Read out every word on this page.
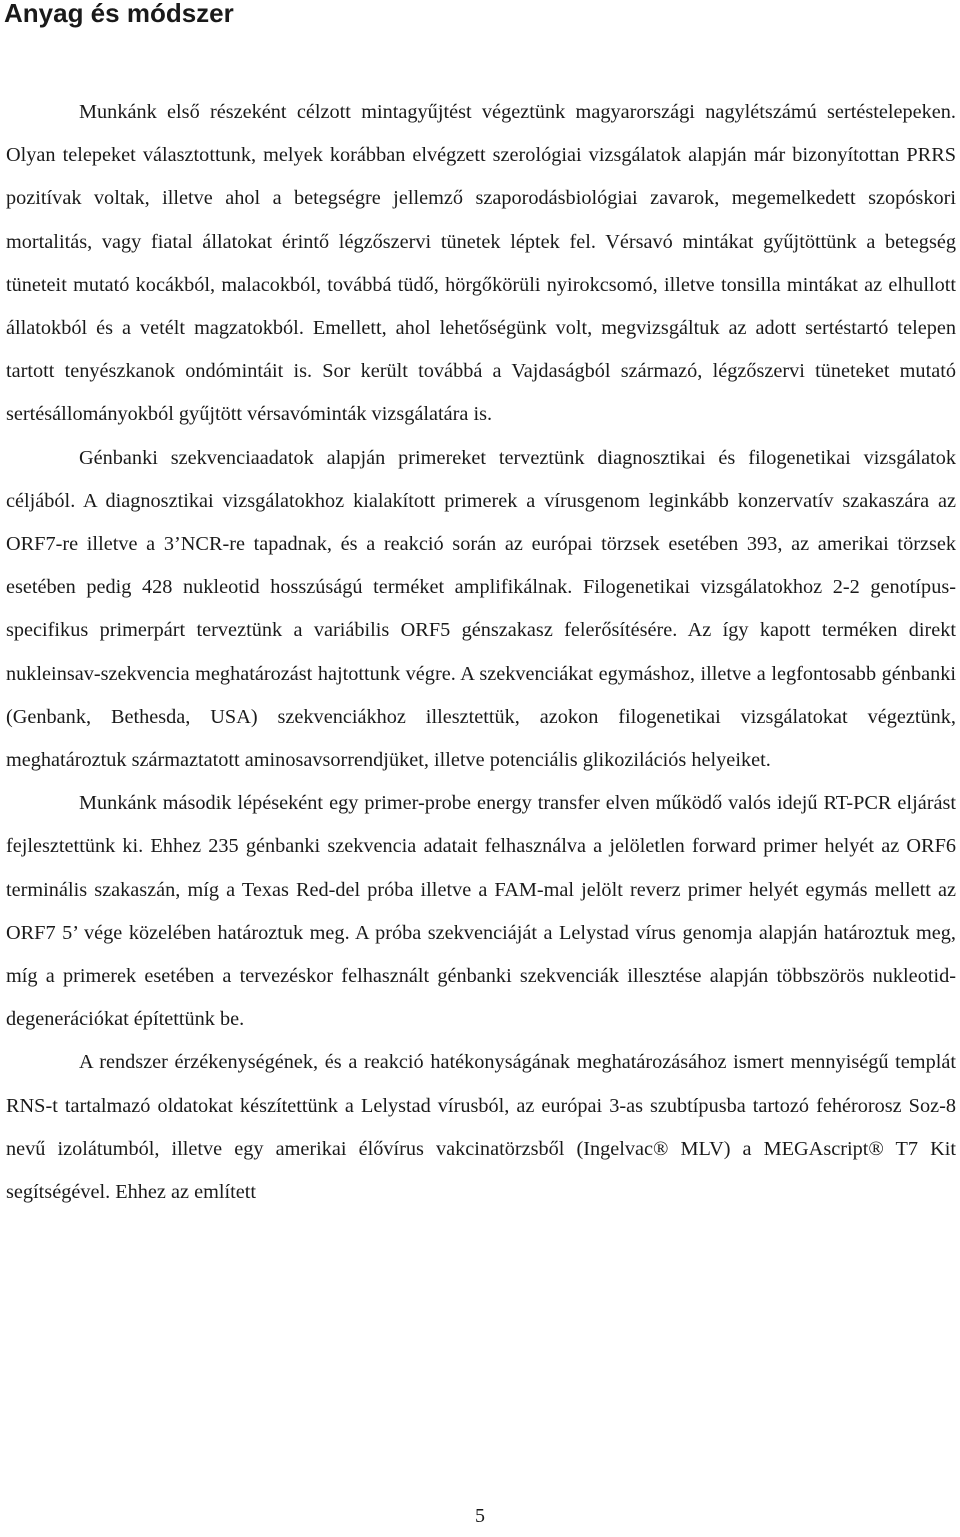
Anyag és módszer

Munkánk első részeként célzott mintagyűjtést végeztünk magyarországi nagylétszámú sertéstelepeken. Olyan telepeket választottunk, melyek korábban elvégzett szerológiai vizsgálatok alapján már bizonyítottan PRRS pozitívak voltak, illetve ahol a betegségre jellemző szaporodásbiológiai zavarok, megemelkedett szopóskori mortalitás, vagy fiatal állatokat érintő légzőszervi tünetek léptek fel. Vérsavó mintákat gyűjtöttünk a betegség tüneteit mutató kocákból, malacokból, továbbá tüdő, hörgőkörüli nyirokcsomó, illetve tonsilla mintákat az elhullott állatokból és a vetélt magzatokból. Emellett, ahol lehetőségünk volt, megvizsgáltuk az adott sertéstartó telepen tartott tenyészkanok ondómintáit is. Sor került továbbá a Vajdaságból származó, légzőszervi tüneteket mutató sertésállományokból gyűjtött vérsavóminták vizsgálatára is.

Génbanki szekvenciaadatok alapján primereket terveztünk diagnosztikai és filogenetikai vizsgálatok céljából. A diagnosztikai vizsgálatokhoz kialakított primerek a vírusgenom leginkább konzervatív szakaszára az ORF7-re illetve a 3’NCR-re tapadnak, és a reakció során az európai törzsek esetében 393, az amerikai törzsek esetében pedig 428 nukleotid hosszúságú terméket amplifikálnak. Filogenetikai vizsgálatokhoz 2-2 genotípus-specifikus primerpárt terveztünk a variábilis ORF5 génszakasz felerősítésére. Az így kapott terméken direkt nukleinsav-szekvencia meghatározást hajtottunk végre. A szekvenciákat egymáshoz, illetve a legfontosabb génbanki (Genbank, Bethesda, USA) szekvenciákhoz illesztettük, azokon filogenetikai vizsgálatokat végeztünk, meghatároztuk származtatott aminosavsorrendjüket, illetve potenciális glikozilációs helyeiket.

Munkánk második lépéseként egy primer-probe energy transfer elven működő valós idejű RT-PCR eljárást fejlesztettünk ki. Ehhez 235 génbanki szekvencia adatait felhasználva a jelöletlen forward primer helyét az ORF6 terminális szakaszán, míg a Texas Red-del próba illetve a FAM-mal jelölt reverz primer helyét egymás mellett az ORF7 5’ vége közelében határoztuk meg. A próba szekvenciáját a Lelystad vírus genomja alapján határoztuk meg, míg a primerek esetében a tervezéskor felhasznált génbanki szekvenciák illesztése alapján többszörös nukleotid-degenerációkat építettünk be.

A rendszer érzékenységének, és a reakció hatékonyságának meghatározásához ismert mennyiségű templát RNS-t tartalmazó oldatokat készítettünk a Lelystad vírusból, az európai 3-as szubtípusba tartozó fehérorosz Soz-8 nevű izolátumból, illetve egy amerikai élővírus vakcinatörzsből (Ingelvac® MLV) a MEGAscript® T7 Kit segítségével. Ehhez az említett

5
